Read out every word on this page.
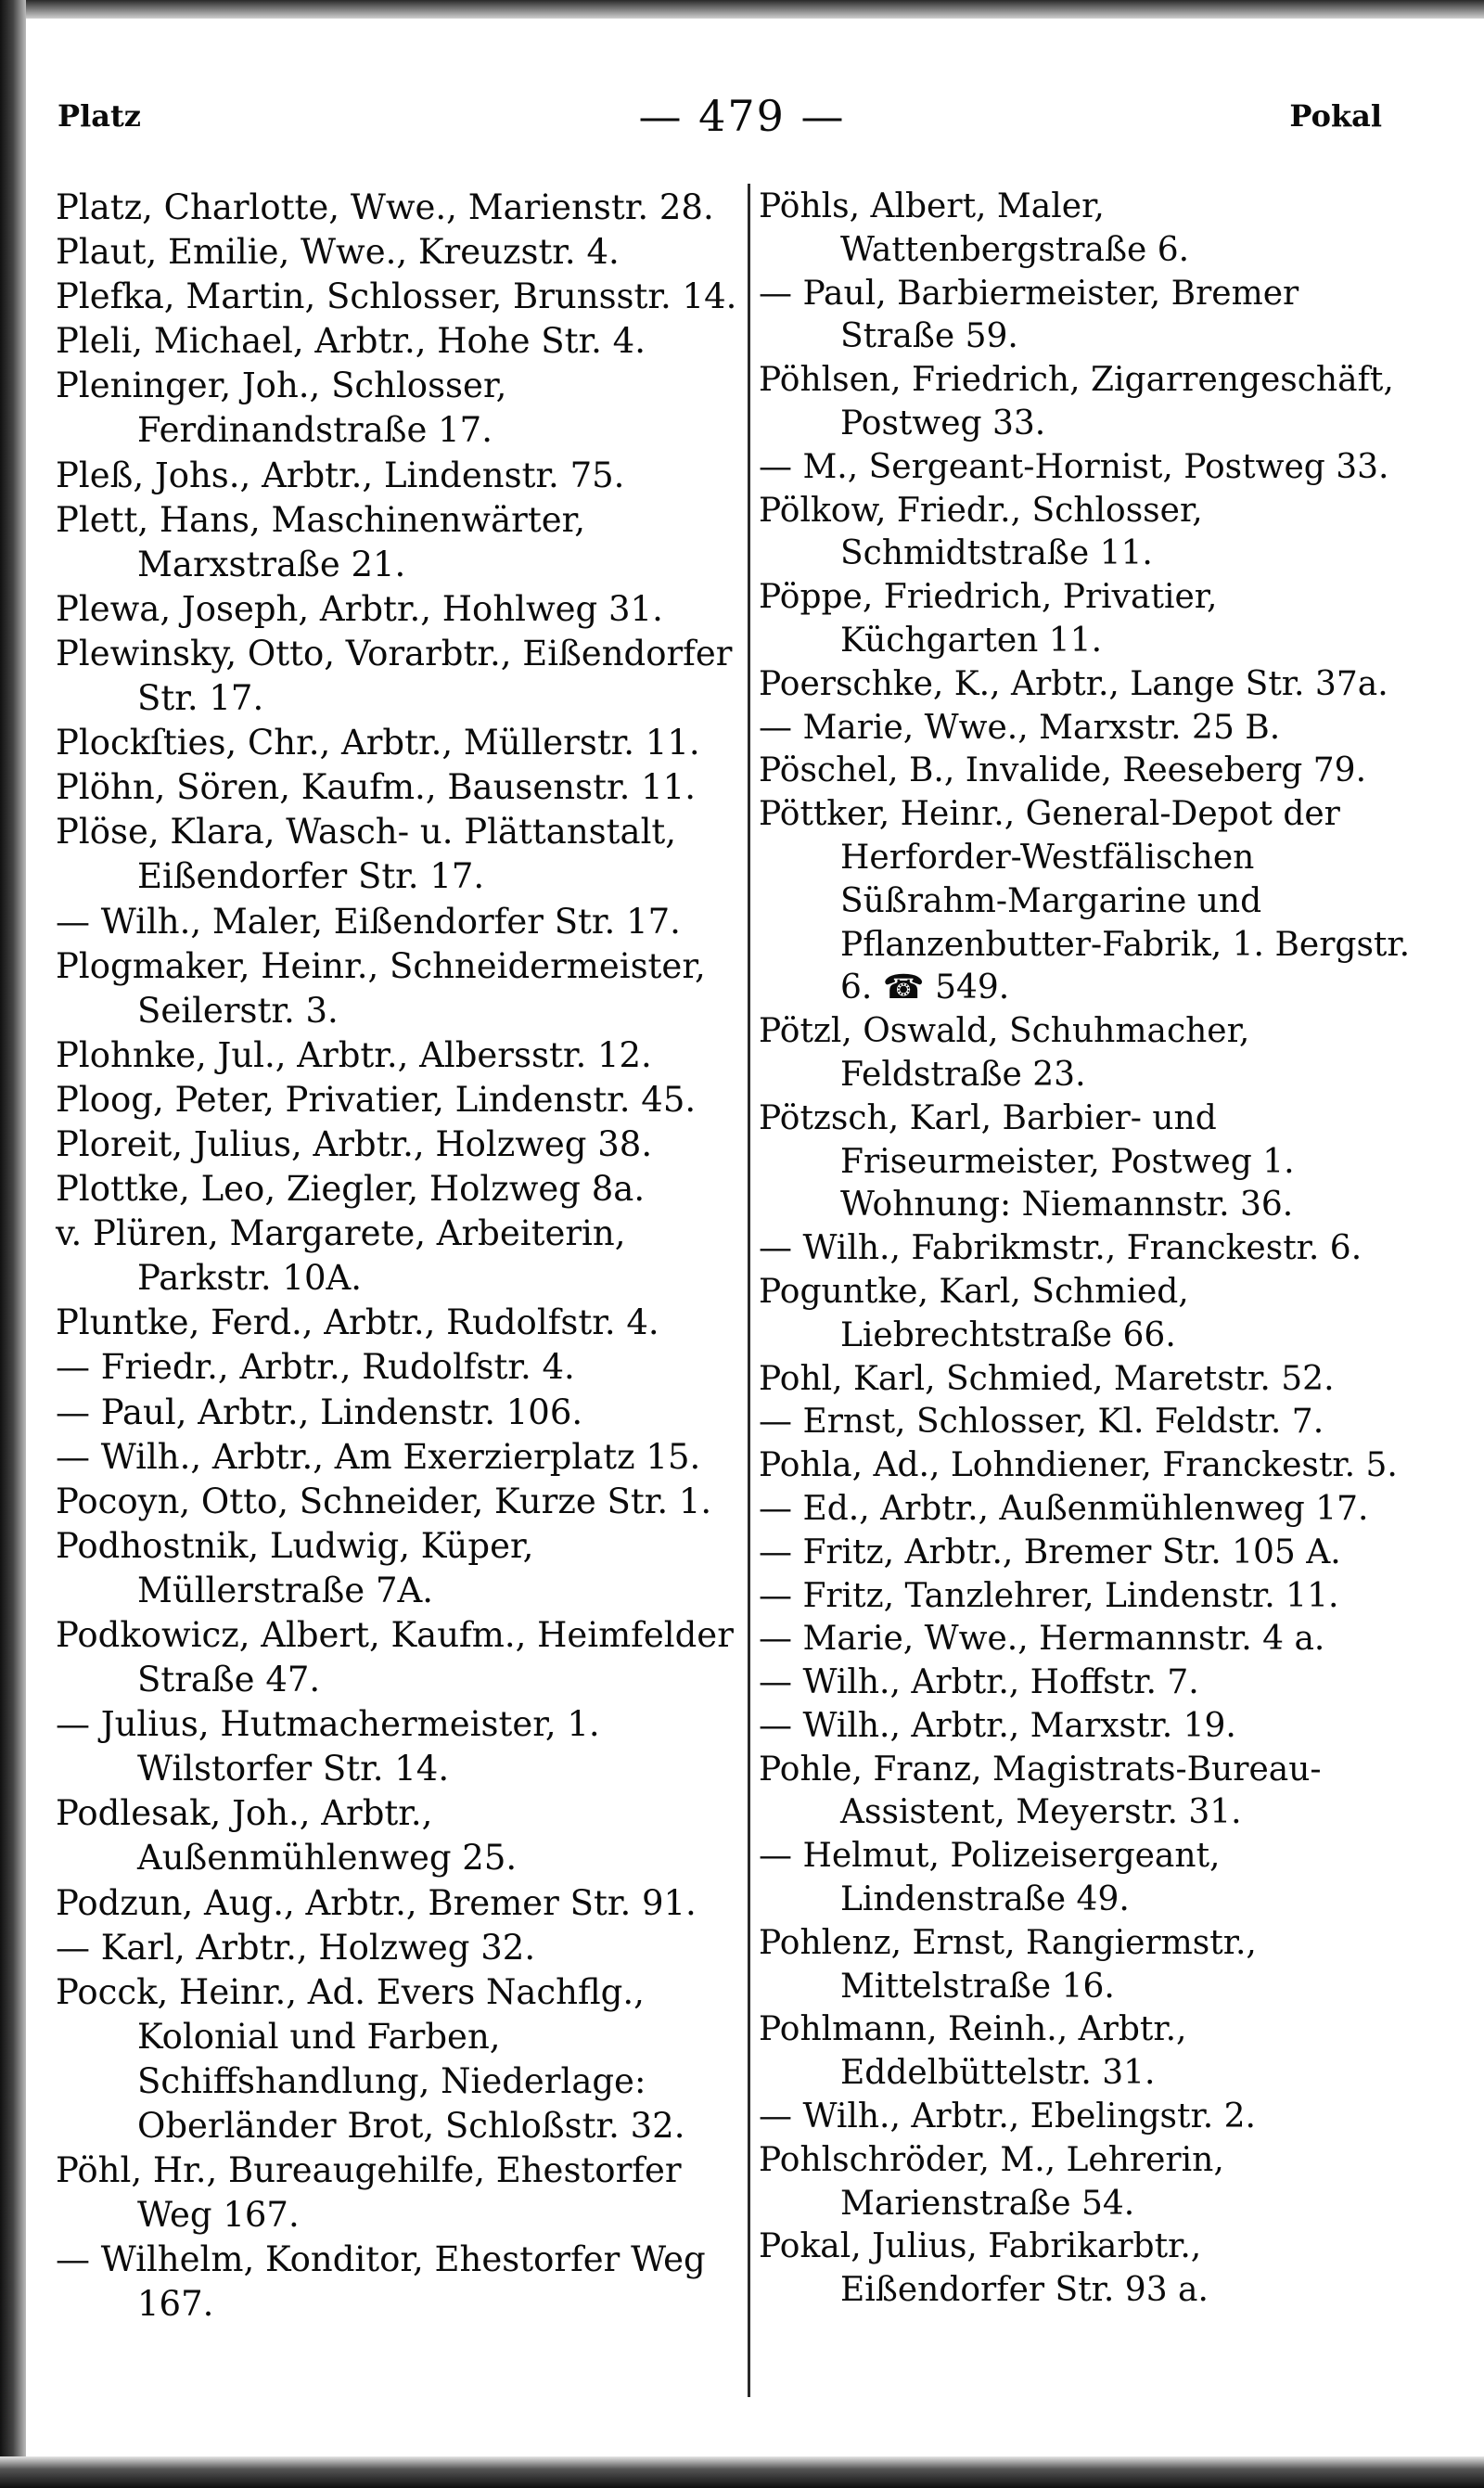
Platz	— 479 —	Pokal

Platz, Charlotte, Wwe., Marienstr. 28.

Plaut, Emilie, Wwe., Kreuzstr. 4.

Plefka, Martin, Schlosser, Brunsstr. 14.

Pleli, Michael, Arbtr., Hohe Str. 4.

Pleninger, Joh., Schlosser, Ferdinandstraße 17.

Pleß, Johs., Arbtr., Lindenstr. 75.

Plett, Hans, Maschinenwärter, Marxstraße 21.

Plewa, Joseph, Arbtr., Hohlweg 31.

Plewinsky, Otto, Vorarbtr., Eißendorfer Str. 17.

Plockſties, Chr., Arbtr., Müllerstr. 11.

Plöhn, Sören, Kaufm., Bausenstr. 11.

Plöse, Klara, Wasch- u. Plättanstalt, Eißendorfer Str. 17.

— Wilh., Maler, Eißendorfer Str. 17.

Plogmaker, Heinr., Schneidermeister, Seilerstr. 3.

Plohnke, Jul., Arbtr., Albersstr. 12.

Ploog, Peter, Privatier, Lindenstr. 45.

Ploreit, Julius, Arbtr., Holzweg 38.

Plottke, Leo, Ziegler, Holzweg 8a.

v. Plüren, Margarete, Arbeiterin, Parkstr. 10A.

Pluntke, Ferd., Arbtr., Rudolfstr. 4.

— Friedr., Arbtr., Rudolfstr. 4.

— Paul, Arbtr., Lindenstr. 106.

— Wilh., Arbtr., Am Exerzierplatz 15.

Pocoyn, Otto, Schneider, Kurze Str. 1.

Podhostnik, Ludwig, Küper, Müllerstraße 7A.

Podkowicz, Albert, Kaufm., Heimfelder Straße 47.

— Julius, Hutmachermeister, 1. Wilstorfer Str. 14.

Podlesak, Joh., Arbtr., Außenmühlenweg 25.

Podzun, Aug., Arbtr., Bremer Str. 91.

— Karl, Arbtr., Holzweg 32.

Pocck, Heinr., Ad. Evers Nachflg., Kolonial und Farben, Schiffshandlung, Niederlage: Oberländer Brot, Schloßstr. 32.

Pöhl, Hr., Bureaugehilfe, Ehestorfer Weg 167.

— Wilhelm, Konditor, Ehestorfer Weg 167.

Pöhls, Albert, Maler, Wattenbergstraße 6.

— Paul, Barbiermeister, Bremer Straße 59.

Pöhlsen, Friedrich, Zigarrengeschäft, Postweg 33.

— M., Sergeant-Hornist, Postweg 33.

Pölkow, Friedr., Schlosser, Schmidtstraße 11.

Pöppe, Friedrich, Privatier, Küchgarten 11.

Poerschke, K., Arbtr., Lange Str. 37a.

— Marie, Wwe., Marxstr. 25 B.

Pöschel, B., Invalide, Reeseberg 79.

Pöttker, Heinr., General-Depot der Herforder-Westfälischen Süßrahm-Margarine und Pflanzenbutter-Fabrik, 1. Bergstr. 6. ☎ 549.

Pötzl, Oswald, Schuhmacher, Feldstraße 23.

Pötzsch, Karl, Barbier- und Friseurmeister, Postweg 1. Wohnung: Niemannstr. 36.

— Wilh., Fabrikmstr., Franckestr. 6.

Poguntke, Karl, Schmied, Liebrechtstraße 66.

Pohl, Karl, Schmied, Maretstr. 52.

— Ernst, Schlosser, Kl. Feldstr. 7.

Pohla, Ad., Lohndiener, Franckestr. 5.

— Ed., Arbtr., Außenmühlenweg 17.

— Fritz, Arbtr., Bremer Str. 105 A.

— Fritz, Tanzlehrer, Lindenstr. 11.

— Marie, Wwe., Hermannstr. 4 a.

— Wilh., Arbtr., Hoffstr. 7.

— Wilh., Arbtr., Marxstr. 19.

Pohle, Franz, Magistrats-Bureau-Assistent, Meyerstr. 31.

— Helmut, Polizeisergeant, Lindenstraße 49.

Pohlenz, Ernst, Rangiermstr., Mittelstraße 16.

Pohlmann, Reinh., Arbtr., Eddelbüttelstr. 31.

— Wilh., Arbtr., Ebelingstr. 2.

Pohlschröder, M., Lehrerin, Marienstraße 54.

Pokal, Julius, Fabrikarbtr., Eißendorfer Str. 93 a.
